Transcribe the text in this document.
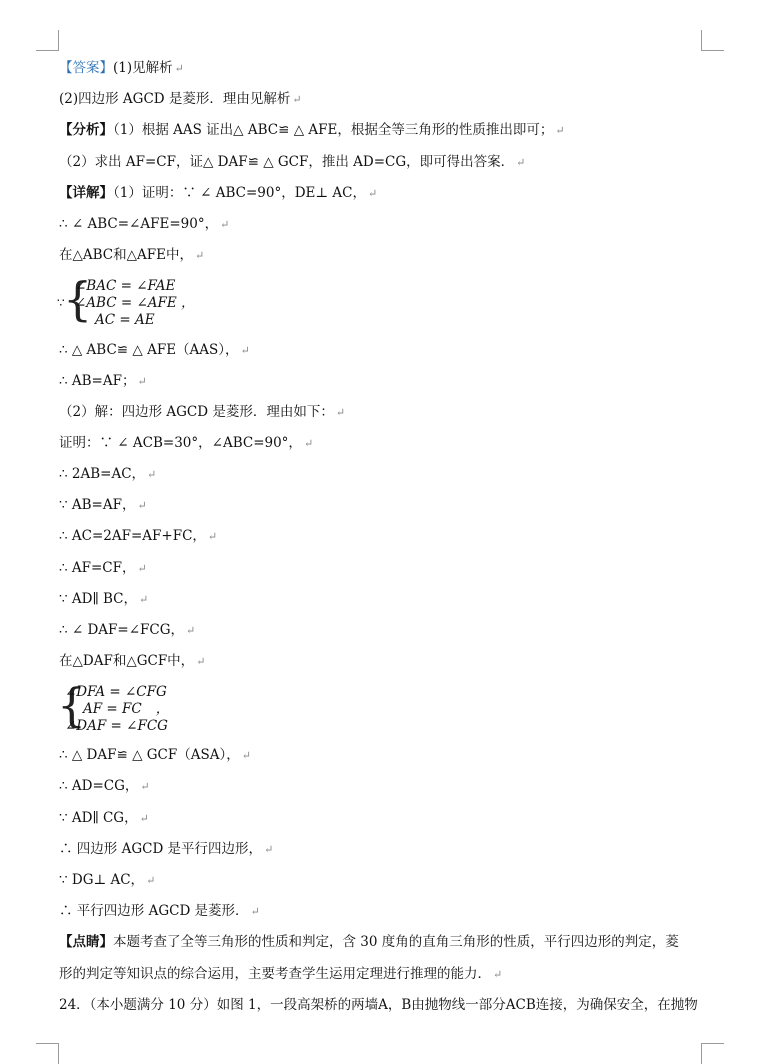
【答案】(1)见解析 ↵
(2)四边形 AGCD 是菱形．理由见解析 ↵
【分析】（1）根据 AAS 证出△ ABC≌ △ AFE，根据全等三角形的性质推出即可； ↵
（2）求出 AF=CF，证△ DAF≌ △ GCF，推出 AD=CG，即可得出答案． ↵
【详解】（1）证明：∵ ∠ ABC=90°，DE⊥ AC， ↵
∴ ∠ ABC=∠AFE=90°， ↵
在△ABC和△AFE中， ↵
∵
{
∠BAC = ∠FAE
∠ABC = ∠AFE ，
AC = AE
∴ △ ABC≌ △ AFE（AAS）， ↵
∴ AB=AF； ↵
（2）解：四边形 AGCD 是菱形．理由如下： ↵
证明：∵ ∠ ACB=30°，∠ABC=90°， ↵
∴ 2AB=AC， ↵
∵ AB=AF， ↵
∴ AC=2AF=AF+FC， ↵
∴ AF=CF， ↵
∵ AD∥ BC， ↵
∴ ∠ DAF=∠FCG， ↵
在△DAF和△GCF中， ↵
{
∠DFA = ∠CFG
AF = FC ，
∠DAF = ∠FCG
∴ △ DAF≌ △ GCF（ASA）， ↵
∴ AD=CG， ↵
∵ AD∥ CG， ↵
∴ 四边形 AGCD 是平行四边形， ↵
∵ DG⊥ AC， ↵
∴ 平行四边形 AGCD 是菱形． ↵
【点睛】本题考查了全等三角形的性质和判定，含 30 度角的直角三角形的性质，平行四边形的判定，菱
形的判定等知识点的综合运用，主要考查学生运用定理进行推理的能力． ↵
24．（本小题满分 10 分）如图 1，一段高架桥的两墙A，B由抛物线一部分ACB连接，为确保安全，在抛物
